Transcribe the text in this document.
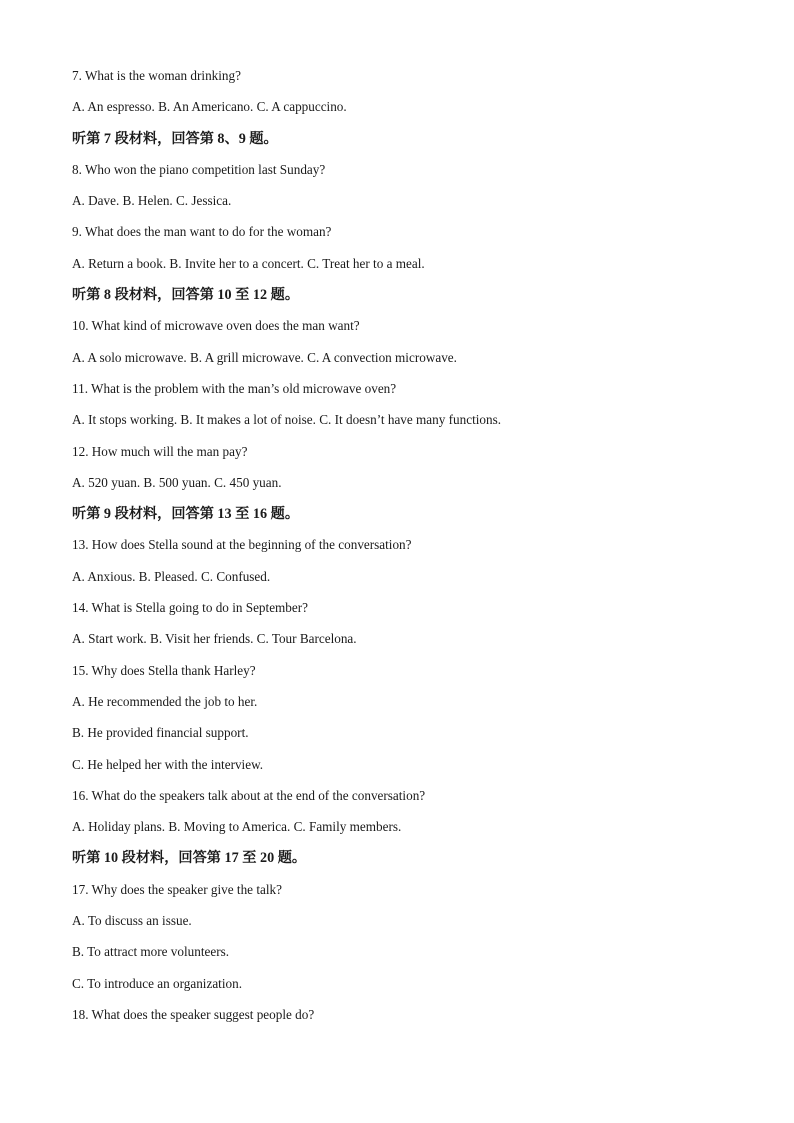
7. What is the woman drinking?
A. An espresso. B. An Americano. C. A cappuccino.
听第 7 段材料，回答第 8、9 题。
8. Who won the piano competition last Sunday?
A. Dave. B. Helen. C. Jessica.
9. What does the man want to do for the woman?
A. Return a book. B. Invite her to a concert. C. Treat her to a meal.
听第 8 段材料，回答第 10 至 12 题。
10. What kind of microwave oven does the man want?
A. A solo microwave. B. A grill microwave. C. A convection microwave.
11. What is the problem with the man’s old microwave oven?
A. It stops working. B. It makes a lot of noise. C. It doesn’t have many functions.
12. How much will the man pay?
A. 520 yuan. B. 500 yuan. C. 450 yuan.
听第 9 段材料，回答第 13 至 16 题。
13. How does Stella sound at the beginning of the conversation?
A. Anxious. B. Pleased. C. Confused.
14. What is Stella going to do in September?
A. Start work. B. Visit her friends. C. Tour Barcelona.
15. Why does Stella thank Harley?
A. He recommended the job to her.
B. He provided financial support.
C. He helped her with the interview.
16. What do the speakers talk about at the end of the conversation?
A. Holiday plans. B. Moving to America. C. Family members.
听第 10 段材料，回答第 17 至 20 题。
17. Why does the speaker give the talk?
A. To discuss an issue.
B. To attract more volunteers.
C. To introduce an organization.
18. What does the speaker suggest people do?
